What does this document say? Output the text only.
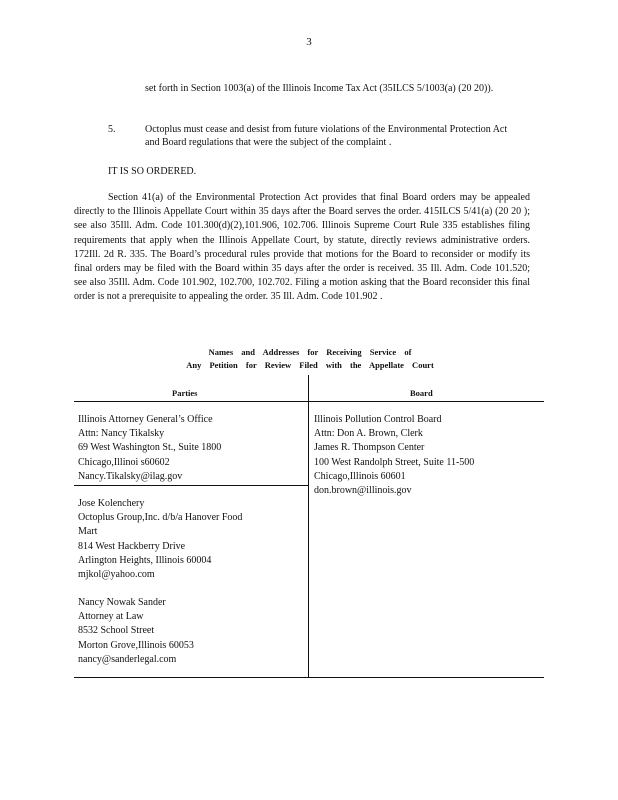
3
set forth in Section 1003(a) of the Illinois Income Tax Act (35ILCS 5/1003(a) (20 20)).
5.	Octoplus must cease and desist from future violations of the Environmental Protection Act and Board regulations that were the subject of the complaint .
IT IS SO ORDERED.
Section 41(a) of the Environmental Protection Act provides that final Board orders may be appealed directly to the Illinois Appellate Court within 35 days after the Board serves the order. 415ILCS 5/41(a) (20 20 ); see also 35Ill. Adm. Code 101.300(d)(2),101.906, 102.706. Illinois Supreme Court Rule 335 establishes filing requirements that apply when the Illinois Appellate Court, by statute, directly reviews administrative orders. 172Ill. 2d R. 335. The Board’s procedural rules provide that motions for the Board to reconsider or modify its final orders may be filed with the Board within 35 days after the order is received. 35 Ill. Adm. Code 101.520; see also 35Ill. Adm. Code 101.902, 102.700, 102.702. Filing a motion asking that the Board reconsider this final order is not a prerequisite to appealing the order. 35 Ill. Adm. Code 101.902 .
Names and Addresses for Receiving Service of
Any Petition for Review Filed with the Appellate Court
Parties	Board
Illinois Attorney General’s Office
Attn: Nancy Tikalsky
69 West Washington St., Suite 1800
Chicago,Illinoi s60602
Nancy.Tikalsky@ilag.gov
Jose Kolenchery
Octoplus Group,Inc. d/b/a Hanover Food
Mart
814 West Hackberry Drive
Arlington Heights, Illinois 60004
mjkol@yahoo.com
Nancy Nowak Sander
Attorney at Law
8532 School Street
Morton Grove,Illinois 60053
nancy@sanderlegal.com
Illinois Pollution Control Board
Attn: Don A. Brown, Clerk
James R. Thompson Center
100 West Randolph Street, Suite 11-500
Chicago,Illinois 60601
don.brown@illinois.gov
